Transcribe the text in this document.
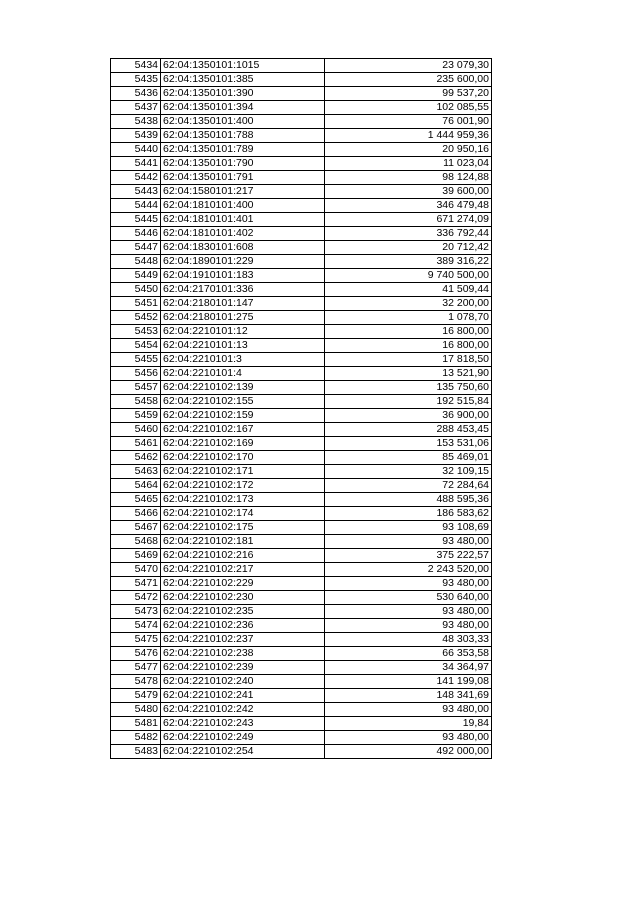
5434	62:04:1350101:1015	23 079,30
5435	62:04:1350101:385	235 600,00
5436	62:04:1350101:390	99 537,20
5437	62:04:1350101:394	102 085,55
5438	62:04:1350101:400	76 001,90
5439	62:04:1350101:788	1 444 959,36
5440	62:04:1350101:789	20 950,16
5441	62:04:1350101:790	11 023,04
5442	62:04:1350101:791	98 124,88
5443	62:04:1580101:217	39 600,00
5444	62:04:1810101:400	346 479,48
5445	62:04:1810101:401	671 274,09
5446	62:04:1810101:402	336 792,44
5447	62:04:1830101:608	20 712,42
5448	62:04:1890101:229	389 316,22
5449	62:04:1910101:183	9 740 500,00
5450	62:04:2170101:336	41 509,44
5451	62:04:2180101:147	32 200,00
5452	62:04:2180101:275	1 078,70
5453	62:04:2210101:12	16 800,00
5454	62:04:2210101:13	16 800,00
5455	62:04:2210101:3	17 818,50
5456	62:04:2210101:4	13 521,90
5457	62:04:2210102:139	135 750,60
5458	62:04:2210102:155	192 515,84
5459	62:04:2210102:159	36 900,00
5460	62:04:2210102:167	288 453,45
5461	62:04:2210102:169	153 531,06
5462	62:04:2210102:170	85 469,01
5463	62:04:2210102:171	32 109,15
5464	62:04:2210102:172	72 284,64
5465	62:04:2210102:173	488 595,36
5466	62:04:2210102:174	186 583,62
5467	62:04:2210102:175	93 108,69
5468	62:04:2210102:181	93 480,00
5469	62:04:2210102:216	375 222,57
5470	62:04:2210102:217	2 243 520,00
5471	62:04:2210102:229	93 480,00
5472	62:04:2210102:230	530 640,00
5473	62:04:2210102:235	93 480,00
5474	62:04:2210102:236	93 480,00
5475	62:04:2210102:237	48 303,33
5476	62:04:2210102:238	66 353,58
5477	62:04:2210102:239	34 364,97
5478	62:04:2210102:240	141 199,08
5479	62:04:2210102:241	148 341,69
5480	62:04:2210102:242	93 480,00
5481	62:04:2210102:243	19,84
5482	62:04:2210102:249	93 480,00
5483	62:04:2210102:254	492 000,00
